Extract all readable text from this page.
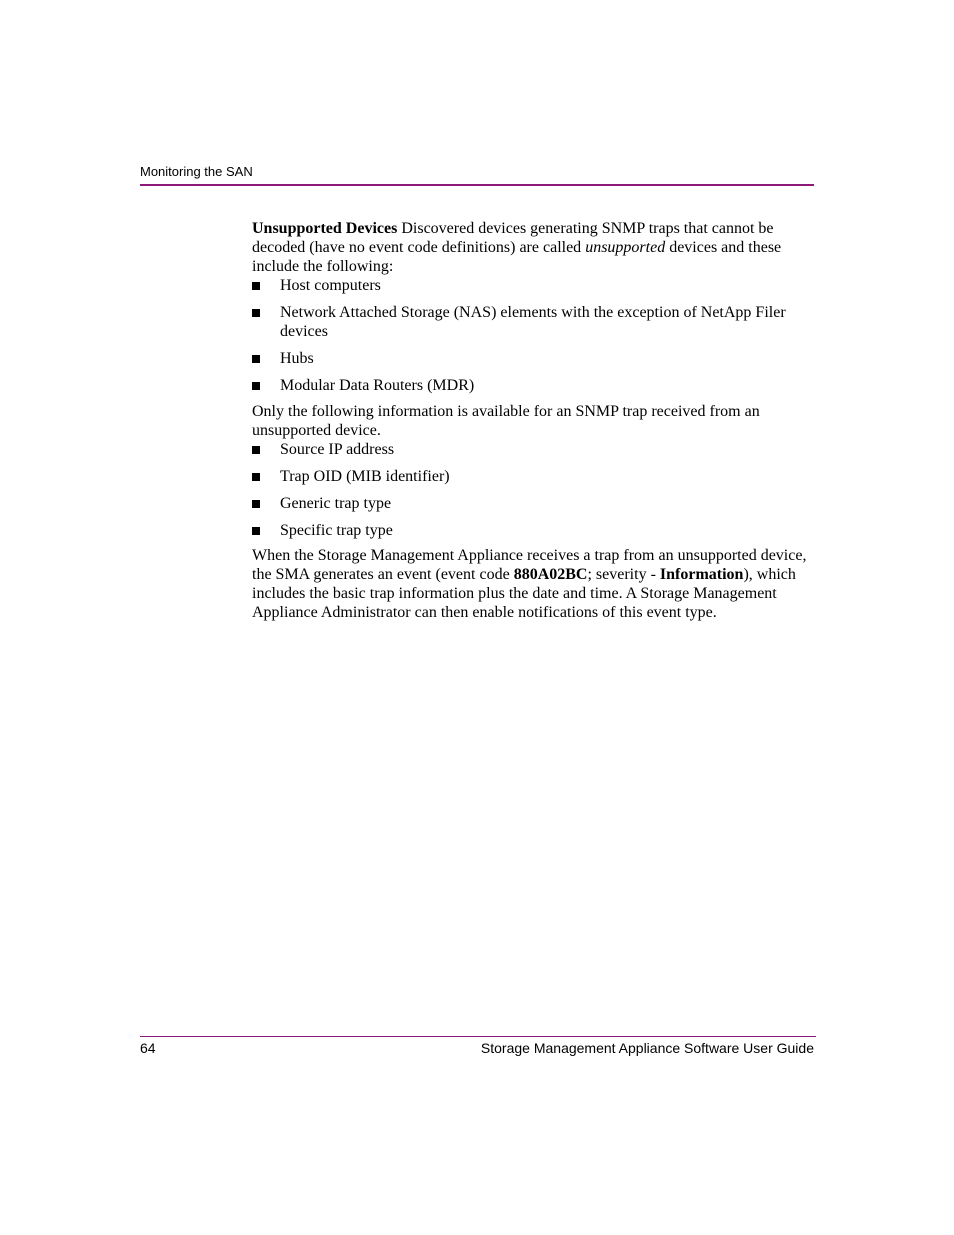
Monitoring the SAN

Unsupported Devices Discovered devices generating SNMP traps that cannot be decoded (have no event code definitions) are called unsupported devices and these include the following:

Host computers
Network Attached Storage (NAS) elements with the exception of NetApp Filer devices
Hubs
Modular Data Routers (MDR)

Only the following information is available for an SNMP trap received from an unsupported device.

Source IP address
Trap OID (MIB identifier)
Generic trap type
Specific trap type

When the Storage Management Appliance receives a trap from an unsupported device, the SMA generates an event (event code 880A02BC; severity - Information), which includes the basic trap information plus the date and time. A Storage Management Appliance Administrator can then enable notifications of this event type.

64	Storage Management Appliance Software User Guide
